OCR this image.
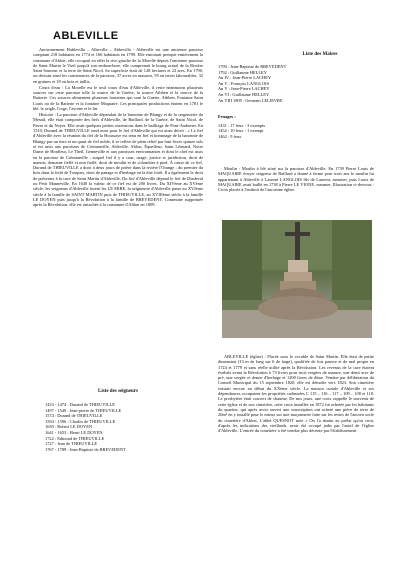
ABLEVILLE

Anciennement Hablevilla – Albevilla – Abbevilla - Abbeville est une ancienne paroisse comptant 218 habitants en 1774 et 166 habitants en 1799. Elle entourait presque entièrement la commune d'Ablon, elle occupait en effet la rive gauche de la Morelle depuis l'ancienne paroisse de Saint Martin le Vieil jusqu'à son embouchure, elle comprenait le bourg actuel de la Rivière Saint Sauveur et la terre de Saint Nicol. Sa superficie était de 128 hectares et 22 ares. En 1790, on divisait ainsi les contenances de la paroisse, 37 acres en masures, 95 en terres labourables, 32 en graines et 18 en bois et taillis.

Cours d'eau : La Morelle est le seul cours d'eau d'Ableville, il reste néanmoins plusieurs sources sur cette paroisse telle la source de la Guérie, la source Aibben et la source de la Batterie. Ces sources alimentent plusieurs fontaines qui sont la Guérie, Aibben, Fontaine Saint Louis ou de la Batterie et la fontaine Maquaire. Les principales productions étaient en 1781 le blé, le seigle, l'orge, l'avoine et le lin.

Histoire : La paroisse d'Ableville dépendait de la baronnie de Blangy et de la sergenterie du Mesnil, elle était composée des fiefs d'Ableville, de Baillard, de la Guérie, de Saint Nicol, de Paves et du Noyer. Elle avait quelques petites extensions dans le bailliage de Pont-Audemer. En 1519, Durand de THIEUVILLE rend aveu pour le fief d'Ableville qui est ainsi décrit : « Le fief d'Ableville avec la réunion du fief de la Houssaye est tenu en fief et hommage de la baronnie de Blangy par un tiers et un quart de fief noble, il se relève de plein relief par huit livres quinze sols et est assis aux paroisses de Crémanville, Ableville, Ablon, Équeffeur, Saint Léonard, Notre Dame de Honfleur, Le Theil, Genneville et aux paroisses environnantes et dont le chef est assis en la paroisse de Crémanville ; auquel fief il y a cour, usage, justice et juridiction, droit de manoir, domaine fieffé et non fieffé, droit de moulin et de colombier à pied. À cause de ce fief, Durand de THIEUVILLE a droit à deux jours de prière dans la rivière l'Orange ; du premier du bois dans la forêt de Touques, droit de panage et d'herbage en la dite forêt. Il a également le droit de présenter à la cure de Saint Martin d'Ableville. Du fief d'Ableville dépend le fief de Diadeval ou Petit Manneville. En 1640 la valeur de ce fief est de 200 livres. Du XIVème au XVème siècle, les seigneurs d'Ableville furent les LE MIRE, la seigneurie d'Ableville passe au XVIème siècle à la famille de SAINT MARTIN puis de THIEUVILLE, au XVIIIème siècle à la famille LE DOYEN puis jusqu'à la Révolution à la famille de BREVEDENT. Commune supprimée après la Révolution, elle est rattachée à la commune d'Ablon en 1809.

Liste des seigneurs
1433 - 1474 : Durand de THIEUVILLE
1497 - 1540 : Jean-pierre de THIEUVILLE
1574 : Durand de THIEUVILLE
1594 - 1596 : Charles de THIEUVILLE
1639 : Robert LE DOYEN
1641 - 1653 : Henri LE DOYEN
1722 : Edmond de THIEUVILLE
1727 : Jean de THIEUVILLE
1767 - 1789 : Jean-Baptiste de BREVEDENT
Liste des Maires
1790 : Jean-Baptiste de BREVEDENT
1792 : Guillaume HELLEY
An IV : Jean-Pierre LACHEY
An V : François LANGLOIS
An V : Jean-Pierre LACHEY
An VI : Guillaume HELLEY
An VIII 1809 : Germain LELIEVRE
Feuages :
1431 : 17 feux - 3 exempts
1452 : 10 feux - 1 exempt
1462 : 9 feux

Moulin : Moulin à blé situé sur la paroisse d'Ableville. En 1739 Pierre Louis de MAQUAIRE écuyer seigneur de Baillard a donné à ferme pour trois ans le moulin lui appartenant à Ableville à Laurent LANGLOIS fils de Laurent, meunier, puis Louis de MAQUAIRE avait baillé en 1738 à Pierre LE VIONE, meunier. Illustration ci-dessous : Croix placée à l'endroit de l'ancienne église.

ABLEVILLE (église) : Placée sous le vocable de Saint Martin. Elle était de petite dimension (13 m de long sur 6 de large), qualifiée de fort pauvre et de mal propre en 1724 et 1779 et sans réelle utilité après la Révolution. Les revenus de la cure étaient évalués avant la Révolution à 73 livres pour trois vergées de masure, une demi acre de pré, une vergée et demie d'herbage et 1200 livres de dîme. Vendue par délibération du Conseil Municipal du 15 septembre 1820, elle est démolie vers 1823. Son cimetière existait encore au début du XXème siècle. La maison curiale d'Ableville et ses dépendances occupaient les propriétés cadastrées C 115 – 116 – 117 – 109 – 108 et 118. Le presbytère était couvert de chaume. De nos jours, une croix rappelle le souvenir de cette église et de son cimetière, cette croix installée en 1872 fut achetée par les habitants du quartier, qui après avoir ouvert une souscription ont acheté une pièce de terre de 20m² en y installé pour le mieux sur une maçonnerie faite sur les restes de l'ancien socle du cimetière d'Ablon. L'abbé QUESNOT note « On l'a abattu au prélat qu'on croit, d'après les indications des vieillards, avoir été occupé jadis par l'autel de l'église d'Ableville. L'entrée du cimetière a été vendue plus décente par l'établissement
